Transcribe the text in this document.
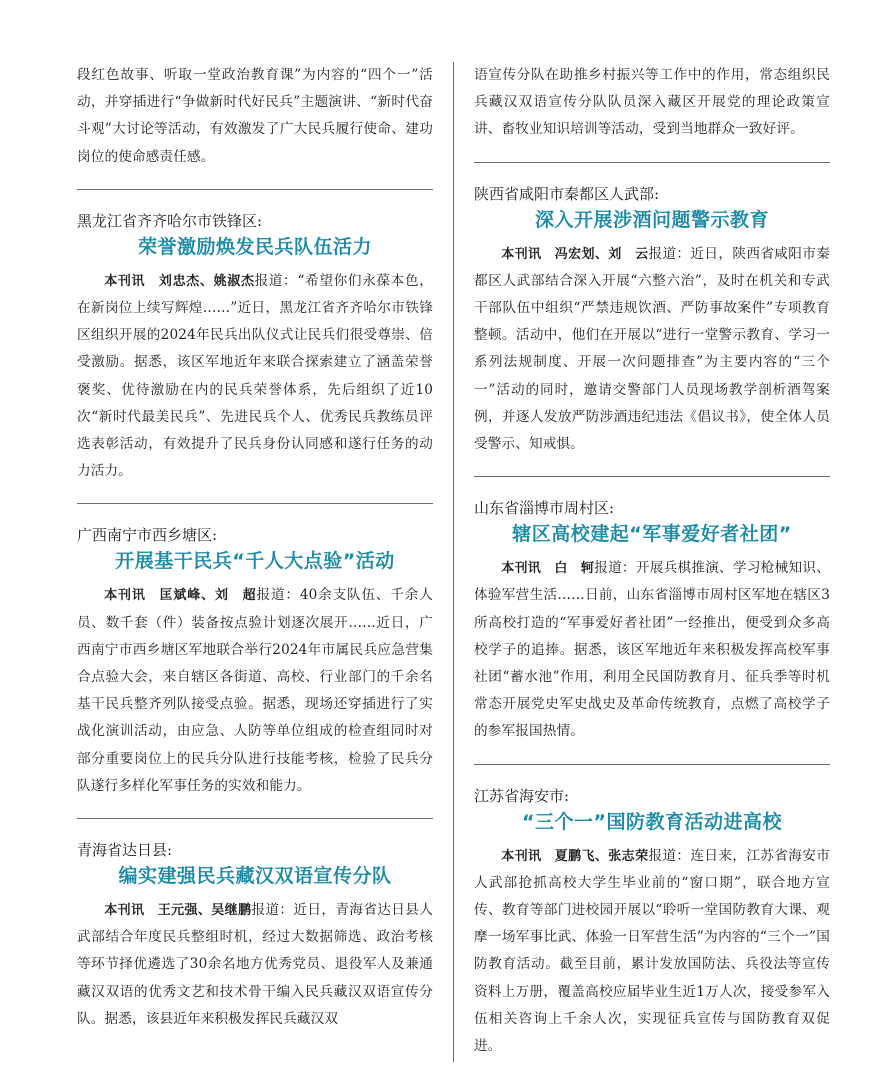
段红色故事、听取一堂政治教育课”为内容的“四个一”活动，并穿插进行“争做新时代好民兵”主题演讲、“新时代奋斗观”大讨论等活动，有效激发了广大民兵履行使命、建功岗位的使命感责任感。

黑龙江省齐齐哈尔市铁锋区:

荣誉激励焕发民兵队伍活力

本刊讯　刘忠杰、姚淑杰报道：“希望你们永葆本色，在新岗位上续写辉煌……”近日，黑龙江省齐齐哈尔市铁锋区组织开展的2024年民兵出队仪式让民兵们很受尊崇、倍受激励。据悉，该区军地近年来联合探索建立了涵盖荣誉褒奖、优待激励在内的民兵荣誉体系，先后组织了近10次“新时代最美民兵”、先进民兵个人、优秀民兵教练员评选表彰活动，有效提升了民兵身份认同感和遂行任务的动力活力。

广西南宁市西乡塘区:

开展基干民兵“千人大点验”活动

本刊讯　匡斌峰、刘　超报道：40余支队伍、千余人员、数千套（件）装备按点验计划逐次展开……近日，广西南宁市西乡塘区军地联合举行2024年市属民兵应急营集合点验大会，来自辖区各街道、高校、行业部门的千余名基干民兵整齐列队接受点验。据悉，现场还穿插进行了实战化演训活动，由应急、人防等单位组成的检查组同时对部分重要岗位上的民兵分队进行技能考核，检验了民兵分队遂行多样化军事任务的实效和能力。

青海省达日县:

编实建强民兵藏汉双语宣传分队

本刊讯　王元强、吴继鹏报道：近日，青海省达日县人武部结合年度民兵整组时机，经过大数据筛选、政治考核等环节择优遴选了30余名地方优秀党员、退役军人及兼通藏汉双语的优秀文艺和技术骨干编入民兵藏汉双语宣传分队。据悉，该县近年来积极发挥民兵藏汉双

语宣传分队在助推乡村振兴等工作中的作用，常态组织民兵藏汉双语宣传分队队员深入藏区开展党的理论政策宣讲、畜牧业知识培训等活动，受到当地群众一致好评。

陕西省咸阳市秦都区人武部:

深入开展涉酒问题警示教育

本刊讯　冯宏划、刘　云报道：近日，陕西省咸阳市秦都区人武部结合深入开展“六整六治”，及时在机关和专武干部队伍中组织“严禁违规饮酒、严防事故案件”专项教育整顿。活动中，他们在开展以“进行一堂警示教育、学习一系列法规制度、开展一次问题排查”为主要内容的“三个一”活动的同时，邀请交警部门人员现场教学剖析酒驾案例，并逐人发放严防涉酒违纪违法《倡议书》，使全体人员受警示、知戒惧。

山东省淄博市周村区:

辖区高校建起“军事爱好者社团”

本刊讯　白　轲报道：开展兵棋推演、学习枪械知识、体验军营生活……日前，山东省淄博市周村区军地在辖区3所高校打造的“军事爱好者社团”一经推出，便受到众多高校学子的追捧。据悉，该区军地近年来积极发挥高校军事社团“蓄水池”作用，利用全民国防教育月、征兵季等时机常态开展党史军史战史及革命传统教育，点燃了高校学子的参军报国热情。

江苏省海安市:

“三个一”国防教育活动进高校

本刊讯　夏鹏飞、张志荣报道：连日来，江苏省海安市人武部抢抓高校大学生毕业前的“窗口期”，联合地方宣传、教育等部门进校园开展以“聆听一堂国防教育大课、观摩一场军事比武、体验一日军营生活”为内容的“三个一”国防教育活动。截至目前，累计发放国防法、兵役法等宣传资料上万册，覆盖高校应届毕业生近1万人次，接受参军入伍相关咨询上千余人次，实现征兵宣传与国防教育双促进。
